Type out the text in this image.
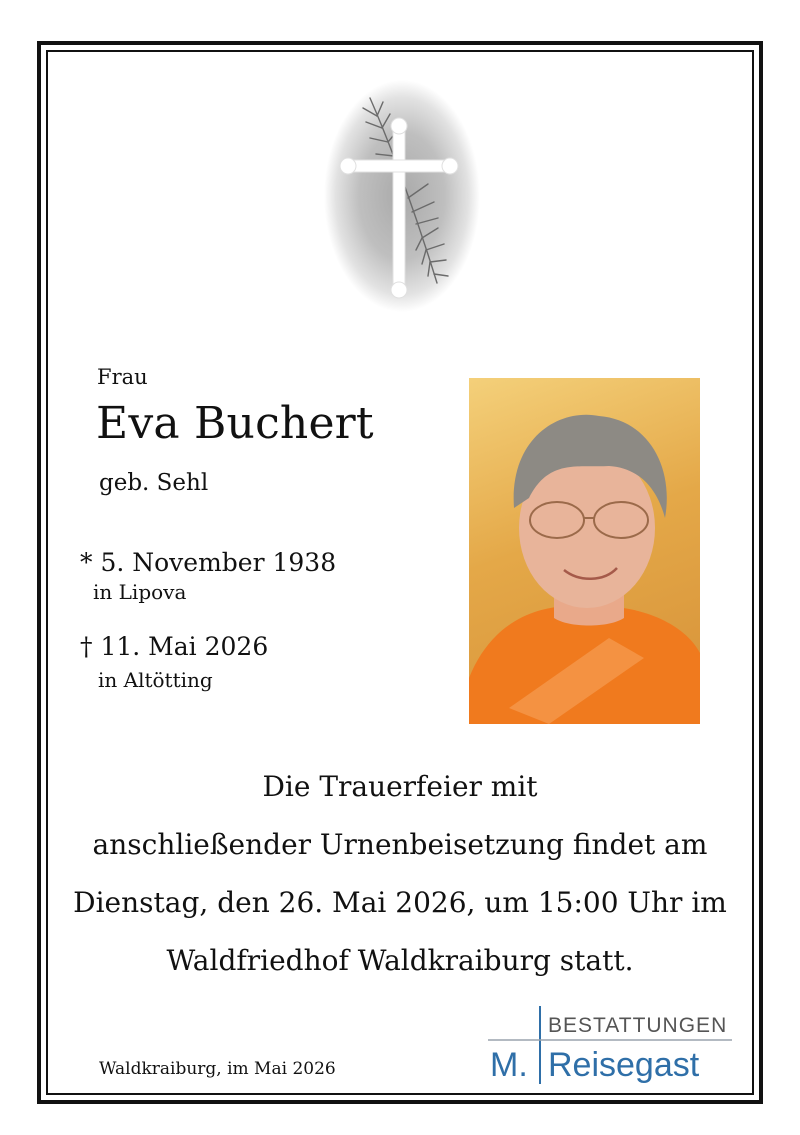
Frau
Eva Buchert
geb. Sehl
* 5. November 1938
in Lipova
† 11. Mai 2026
in Altötting
Die Trauerfeier mit
anschließender Urnenbeisetzung findet am
Dienstag, den 26. Mai 2026, um 15:00 Uhr im
Waldfriedhof Waldkraiburg statt.
Waldkraiburg, im Mai 2026
BESTATTUNGEN
M. Reisegast
